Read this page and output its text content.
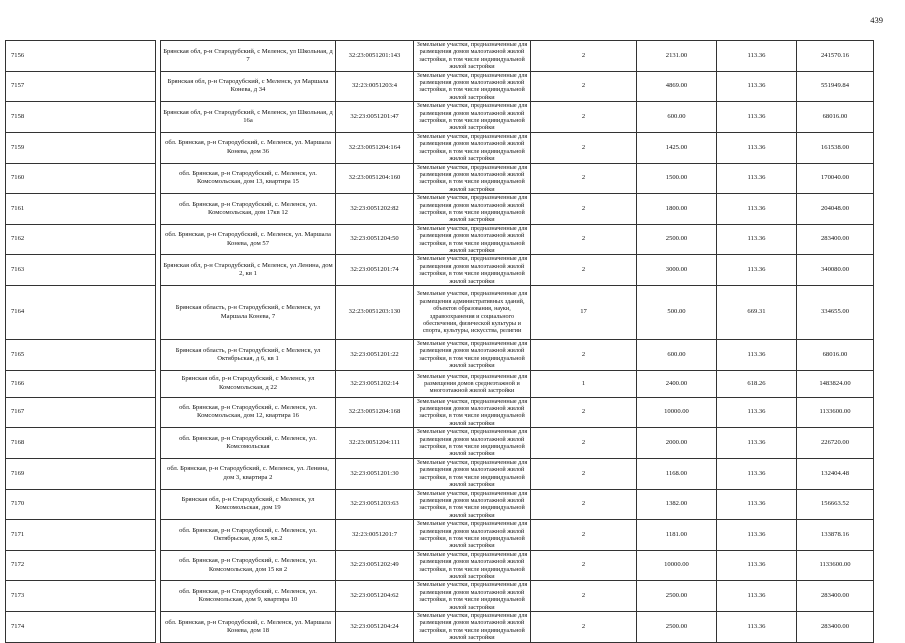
439
7156		Брянская обл, р-н Стародубский, с Меленск, ул Школьная, д 7	32:23:0051201:143	Земельные участки, предназначенные для размещения домов малоэтажной жилой застройки, в том числе индивидуальной жилой застройки	2	2131.00	113.36	241570.16
7157		Брянская обл, р-н Стародубский, с Меленск, ул Маршала Конева, д 34	32:23:0051203:4	Земельные участки, предназначенные для размещения домов малоэтажной жилой застройки, в том числе индивидуальной жилой застройки	2	4869.00	113.36	551949.84
7158		Брянская обл, р-н Стародубский, с Меленск, ул Школьная, д 16а	32:23:0051201:47	Земельные участки, предназначенные для размещения домов малоэтажной жилой застройки, в том числе индивидуальной жилой застройки	2	600.00	113.36	68016.00
7159		обл. Брянская, р-н Стародубский, с. Меленск, ул. Маршала Конева, дом 36	32:23:0051204:164	Земельные участки, предназначенные для размещения домов малоэтажной жилой застройки, в том числе индивидуальной жилой застройки	2	1425.00	113.36	161538.00
7160		обл. Брянская, р-н Стародубский, с. Меленск, ул. Комсомольская, дом 13, квартира 15	32:23:0051204:160	Земельные участки, предназначенные для размещения домов малоэтажной жилой застройки, в том числе индивидуальной жилой застройки	2	1500.00	113.36	170040.00
7161		обл. Брянская, р-н Стародубский, с. Меленск, ул. Комсомольская, дом 17кв 12	32:23:0051202:82	Земельные участки, предназначенные для размещения домов малоэтажной жилой застройки, в том числе индивидуальной жилой застройки	2	1800.00	113.36	204048.00
7162		обл. Брянская, р-н Стародубский, с. Меленск, ул. Маршала Конева, дом 57	32:23:0051204:50	Земельные участки, предназначенные для размещения домов малоэтажной жилой застройки, в том числе индивидуальной жилой застройки	2	2500.00	113.36	283400.00
7163		Брянская обл, р-н Стародубский, с Меленск, ул Ленина, дом 2, кв 1	32:23:0051201:74	Земельные участки, предназначенные для размещения домов малоэтажной жилой застройки, в том числе индивидуальной жилой застройки	2	3000.00	113.36	340080.00
7164		Брянская область, р-н Стародубский, с Меленск, ул Маршала Конева, 7	32:23:0051203:130	Земельные участки, предназначенные для размещения административных зданий, объектов образования, науки, здравоохранения и социального обеспечения, физической культуры и спорта, культуры, искусства, религии	17	500.00	669.31	334655.00
7165		Брянская область, р-н Стародубский, с Меленск, ул Октябрьская, д 6, кв 1	32:23:0051201:22	Земельные участки, предназначенные для размещения домов малоэтажной жилой застройки, в том числе индивидуальной жилой застройки	2	600.00	113.36	68016.00
7166		Брянская обл, р-н Стародубский, с Меленск, ул Комсомольская, д 22	32:23:0051202:14	Земельные участки, предназначенные для размещения домов среднеэтажной и многоэтажной жилой застройки	1	2400.00	618.26	1483824.00
7167		обл. Брянская, р-н Стародубский, с. Меленск, ул. Комсомольская, дом 12, квартира 16	32:23:0051204:168	Земельные участки, предназначенные для размещения домов малоэтажной жилой застройки, в том числе индивидуальной жилой застройки	2	10000.00	113.36	1133600.00
7168		обл. Брянская, р-н Стародубский, с. Меленск, ул. Комсомольская	32:23:0051204:111	Земельные участки, предназначенные для размещения домов малоэтажной жилой застройки, в том числе индивидуальной жилой застройки	2	2000.00	113.36	226720.00
7169		обл. Брянская, р-н Стародубский, с. Меленск, ул. Ленина, дом 3, квартира 2	32:23:0051201:30	Земельные участки, предназначенные для размещения домов малоэтажной жилой застройки, в том числе индивидуальной жилой застройки	2	1168.00	113.36	132404.48
7170		Брянская обл, р-н Стародубский, с Меленск, ул Комсомольская, дом 19	32:23:0051203:63	Земельные участки, предназначенные для размещения домов малоэтажной жилой застройки, в том числе индивидуальной жилой застройки	2	1382.00	113.36	156663.52
7171		обл. Брянская, р-н Стародубский, с. Меленск, ул. Октябрьская, дом 5, кв.2	32:23:0051201:7	Земельные участки, предназначенные для размещения домов малоэтажной жилой застройки, в том числе индивидуальной жилой застройки	2	1181.00	113.36	133878.16
7172		обл. Брянская, р-н Стародубский, с. Меленск, ул. Комсомольская, дом 15 кв 2	32:23:0051202:49	Земельные участки, предназначенные для размещения домов малоэтажной жилой застройки, в том числе индивидуальной жилой застройки	2	10000.00	113.36	1133600.00
7173		обл. Брянская, р-н Стародубский, с. Меленск, ул. Комсомольская, дом 9, квартира 10	32:23:0051204:62	Земельные участки, предназначенные для размещения домов малоэтажной жилой застройки, в том числе индивидуальной жилой застройки	2	2500.00	113.36	283400.00
7174		обл. Брянская, р-н Стародубский, с. Меленск, ул. Маршала Конева, дом 18	32:23:0051204:24	Земельные участки, предназначенные для размещения домов малоэтажной жилой застройки, в том числе индивидуальной жилой застройки	2	2500.00	113.36	283400.00
